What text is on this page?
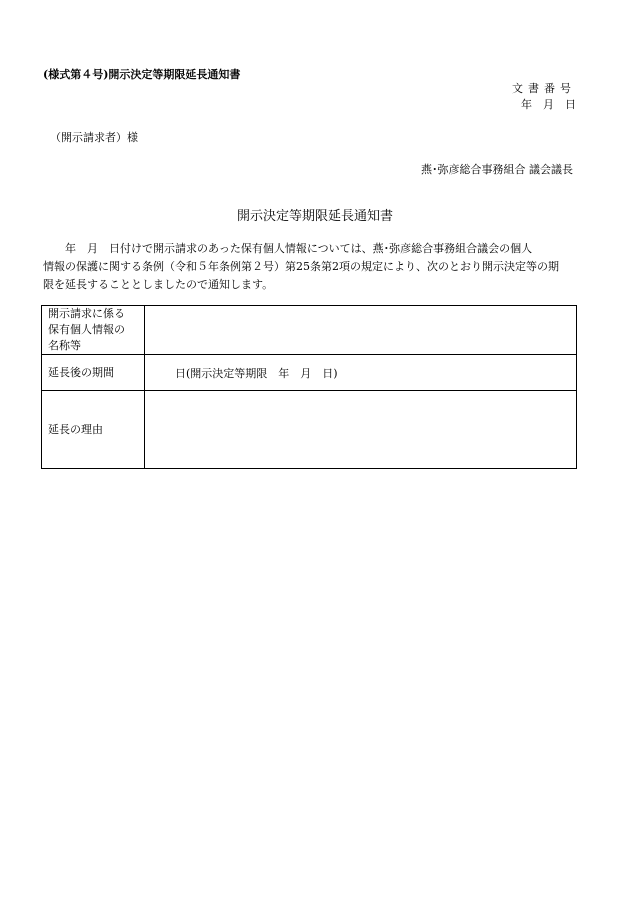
(様式第４号)開示決定等期限延長通知書
文書番号
年　月　日
（開示請求者）様
燕･弥彦総合事務組合 議会議長
開示決定等期限延長通知書
　　年　月　日付けで開示請求のあった保有個人情報については、燕･弥彦総合事務組合議会の個人
情報の保護に関する条例（令和５年条例第２号）第25条第2項の規定により、次のとおり開示決定等の期
限を延長することとしましたので通知します。
開示請求に係る
保有個人情報の
名称等	

延長後の期間	日(開示決定等期限　年　月　日)

延長の理由	
